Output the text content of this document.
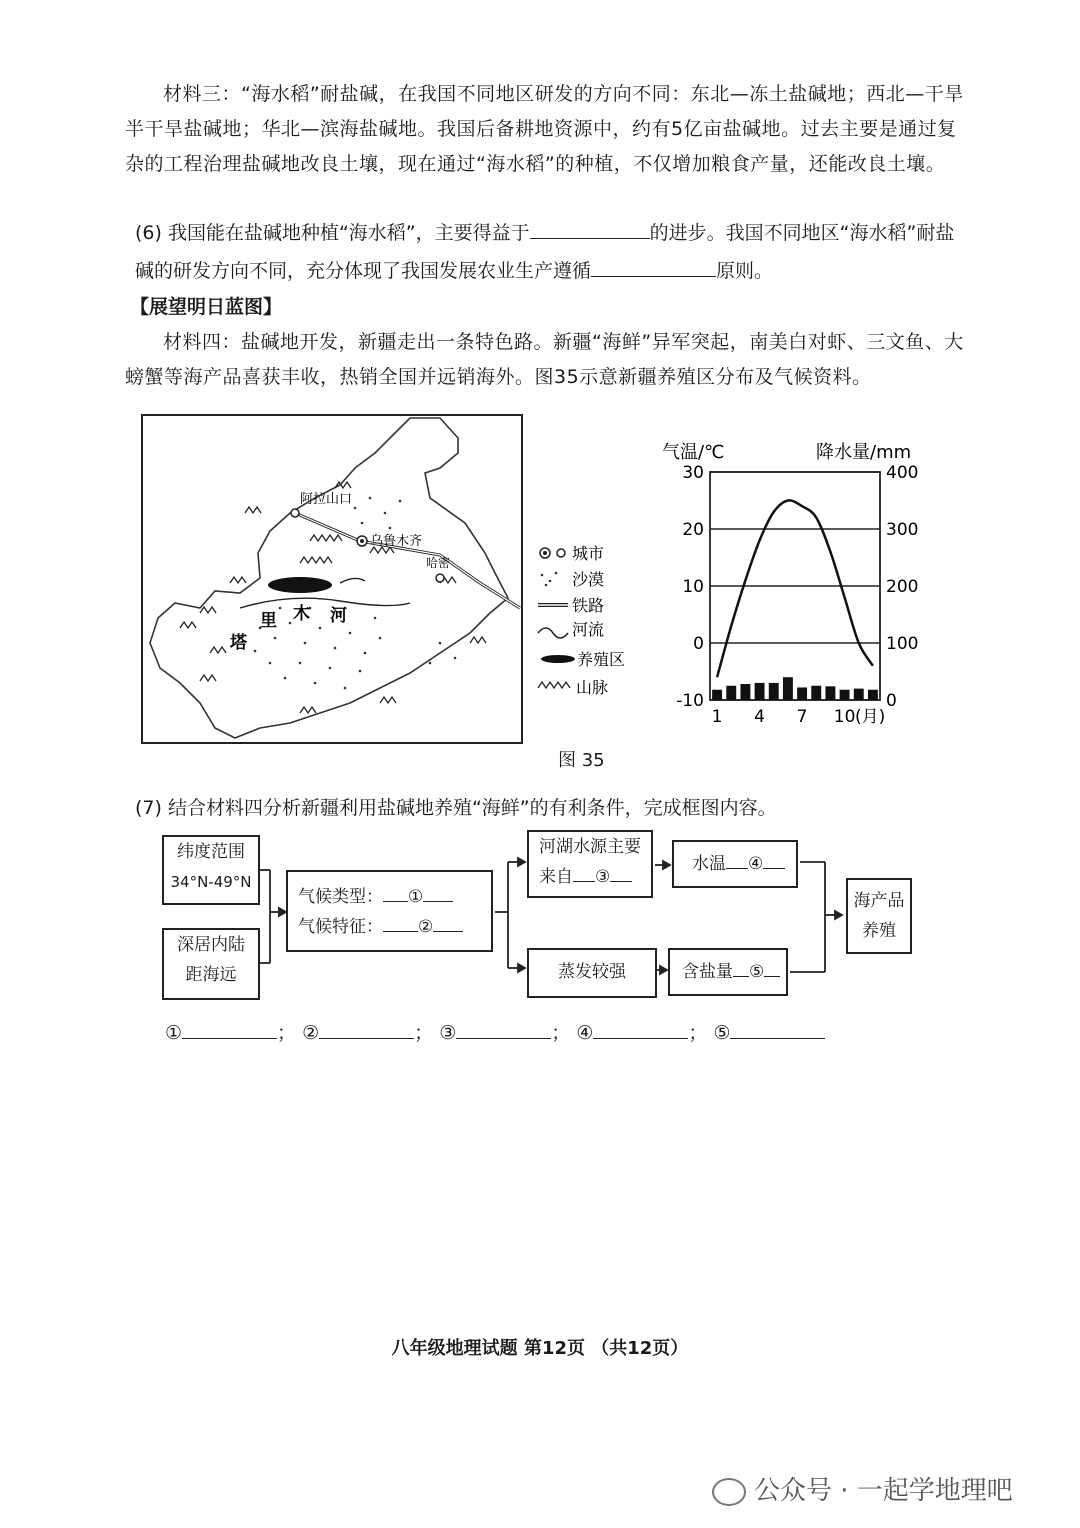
材料三：“海水稻”耐盐碱，在我国不同地区研发的方向不同：东北—冻土盐碱地；西北—干旱半干旱盐碱地；华北—滨海盐碱地。我国后备耕地资源中，约有5亿亩盐碱地。过去主要是通过复杂的工程治理盐碱地改良土壤，现在通过“海水稻”的种植，不仅增加粮食产量，还能改良土壤。

(6) 我国能在盐碱地种植“海水稻”，主要得益于	的进步。我国不同地区“海水稻”耐盐碱的研发方向不同，充分体现了我国发展农业生产遵循	原则。

【展望明日蓝图】

材料四：盐碱地开发，新疆走出一条特色路。新疆“海鲜”异军突起，南美白对虾、三文鱼、大螃蟹等海产品喜获丰收，热销全国并远销海外。图35示意新疆养殖区分布及气候资料。

阿拉山口
乌鲁木齐
哈密
塔
里 木 河
城市
沙漠
铁路
河流
养殖区
山脉
气温/℃	降水量/mm
30
20
10
0
-10
400
300
200
100
0
1 4 7 10 (月)
图 35

(7) 结合材料四分析新疆利用盐碱地养殖“海鲜”的有利条件，完成框图内容。

纬度范围
34°N-49°N
深居内陆
距海远
气候类型： ①
气候特征： ②
河湖水源主要
来自 ③
蒸发较强
水温 ④
含盐量 ⑤
海产品
养殖
①	； ②	； ③	； ④	； ⑤
八年级地理试题 第12页 （共12页）
公众号 · 一起学地理吧
